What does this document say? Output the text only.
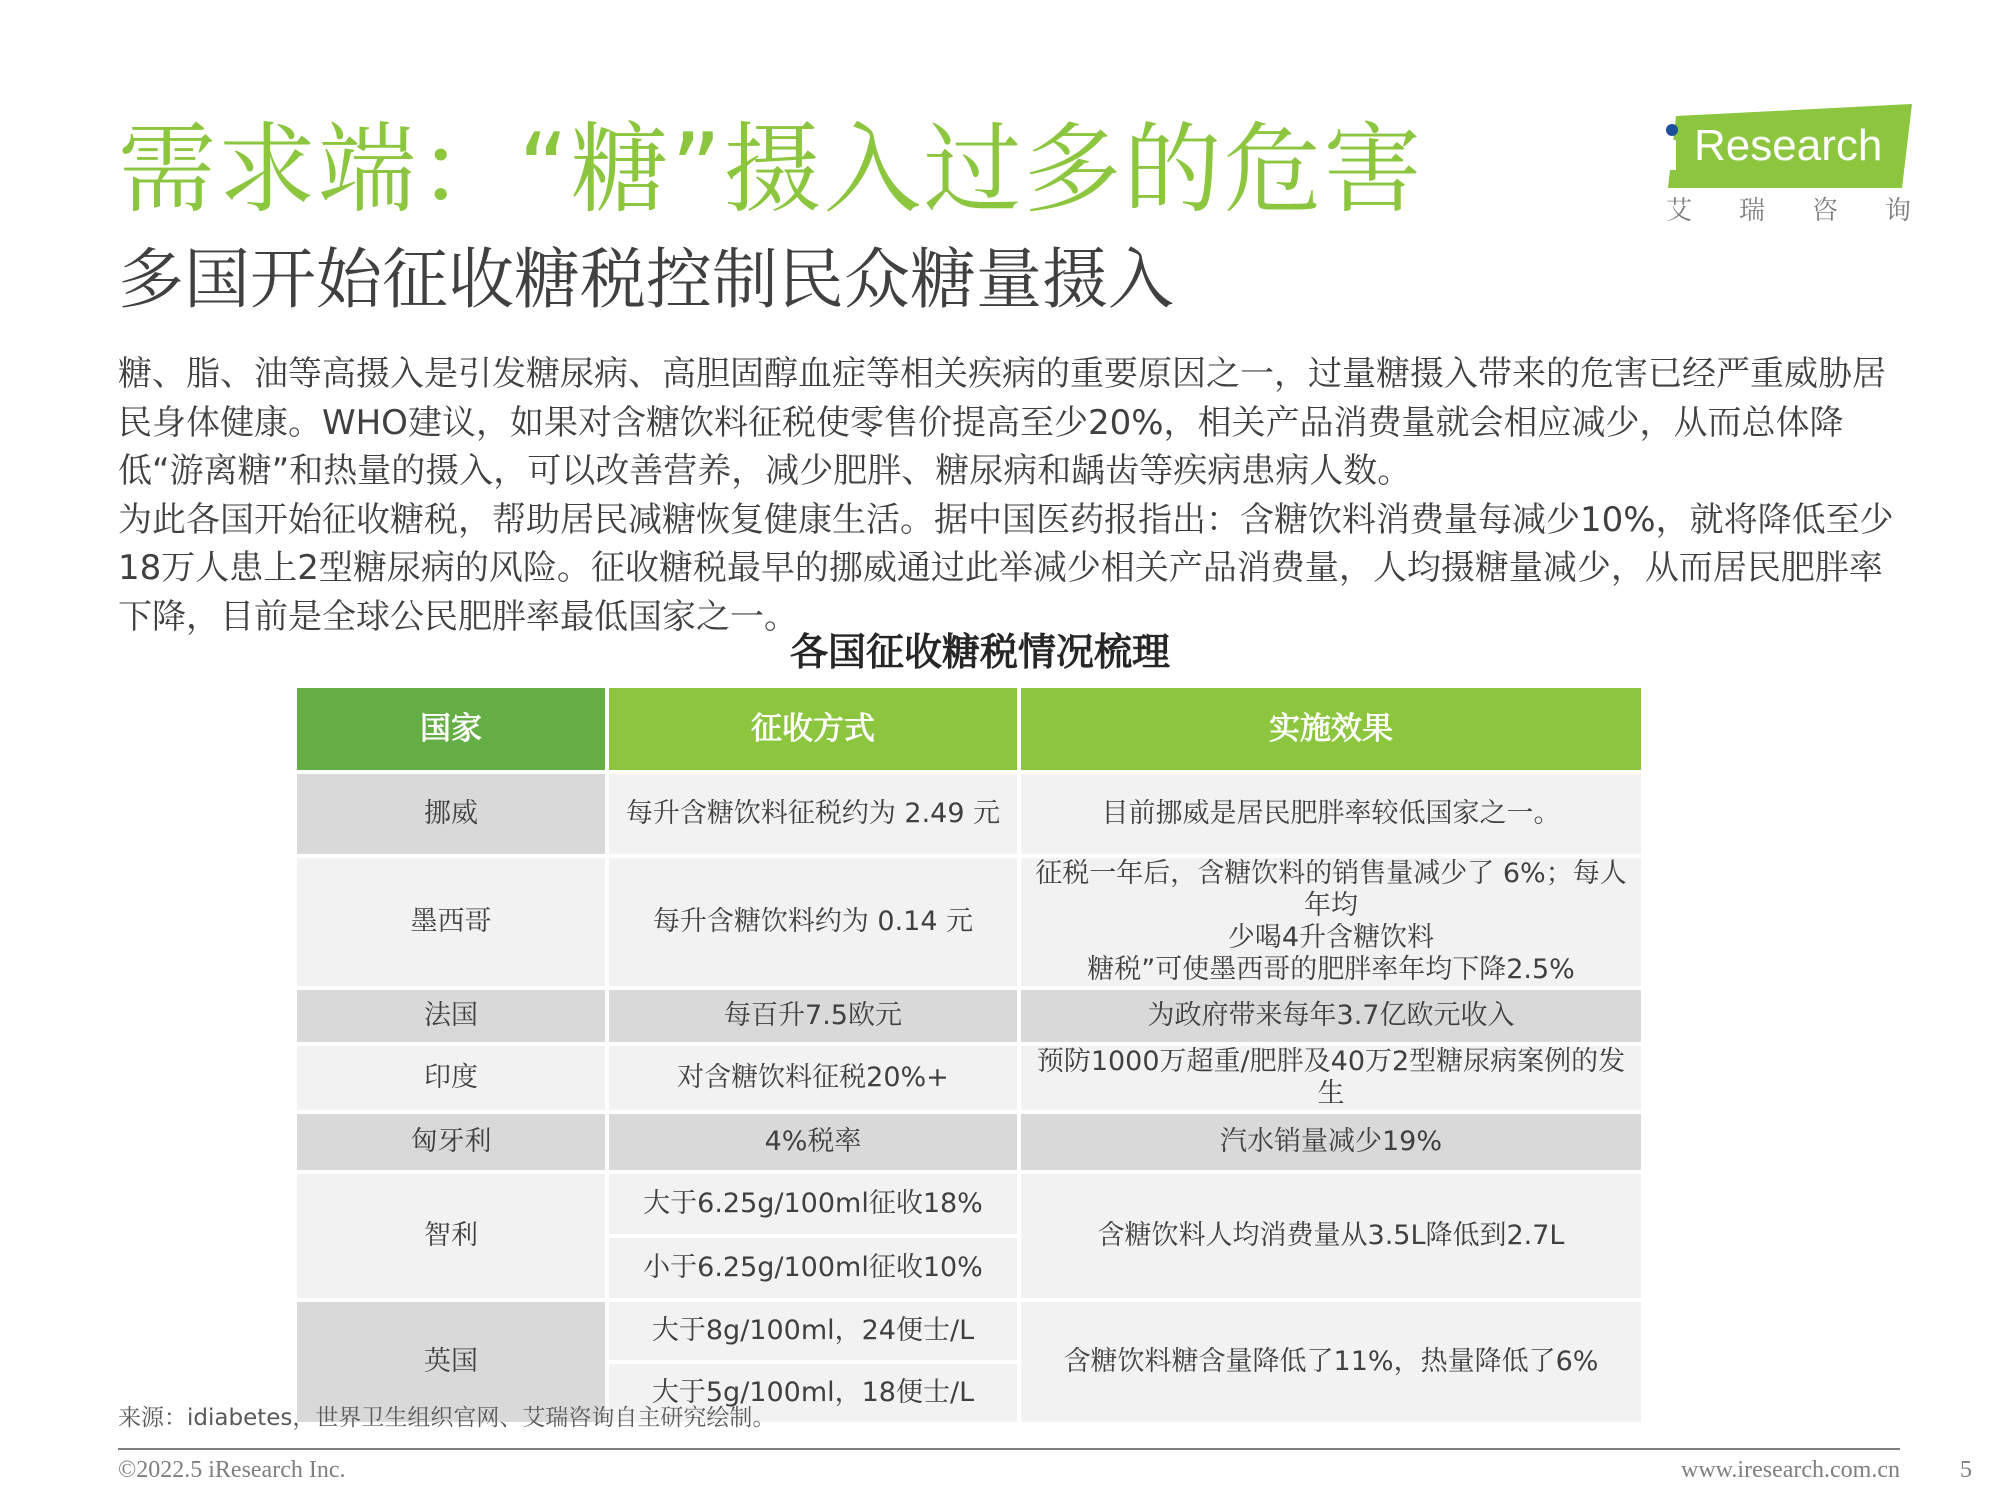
需求端：“糖”摄入过多的危害
多国开始征收糖税控制民众糖量摄入
Research
艾瑞咨询

糖、脂、油等高摄入是引发糖尿病、高胆固醇血症等相关疾病的重要原因之一，过量糖摄入带来的危害已经严重威胁居民身体健康。WHO建议，如果对含糖饮料征税使零售价提高至少20%，相关产品消费量就会相应减少，从而总体降低“游离糖”和热量的摄入，可以改善营养，减少肥胖、糖尿病和龋齿等疾病患病人数。

为此各国开始征收糖税，帮助居民减糖恢复健康生活。据中国医药报指出：含糖饮料消费量每减少10%，就将降低至少18万人患上2型糖尿病的风险。征收糖税最早的挪威通过此举减少相关产品消费量，人均摄糖量减少，从而居民肥胖率下降，目前是全球公民肥胖率最低国家之一。

各国征收糖税情况梳理
国家	征收方式	实施效果
挪威	每升含糖饮料征税约为 2.49 元	目前挪威是居民肥胖率较低国家之一。
墨西哥	每升含糖饮料约为 0.14 元	征税一年后，含糖饮料的销售量减少了 6%；每人年均
少喝4升含糖饮料
糖税”可使墨西哥的肥胖率年均下降2.5%

法国	每百升7.5欧元	为政府带来每年3.7亿欧元收入
印度	对含糖饮料征税20%+	预防1000万超重/肥胖及40万2型糖尿病案例的发生
匈牙利	4%税率	汽水销量减少19%
智利	大于6.25g/100ml征收18%	含糖饮料人均消费量从3.5L降低到2.7L
	小于6.25g/100ml征收10%	
英国	大于8g/100ml，24便士/L	含糖饮料糖含量降低了11%，热量降低了6%
	大于5g/100ml，18便士/L	
来源：idiabetes，世界卫生组织官网、艾瑞咨询自主研究绘制。
©2022.5 iResearch Inc.	www.iresearch.com.cn	5
